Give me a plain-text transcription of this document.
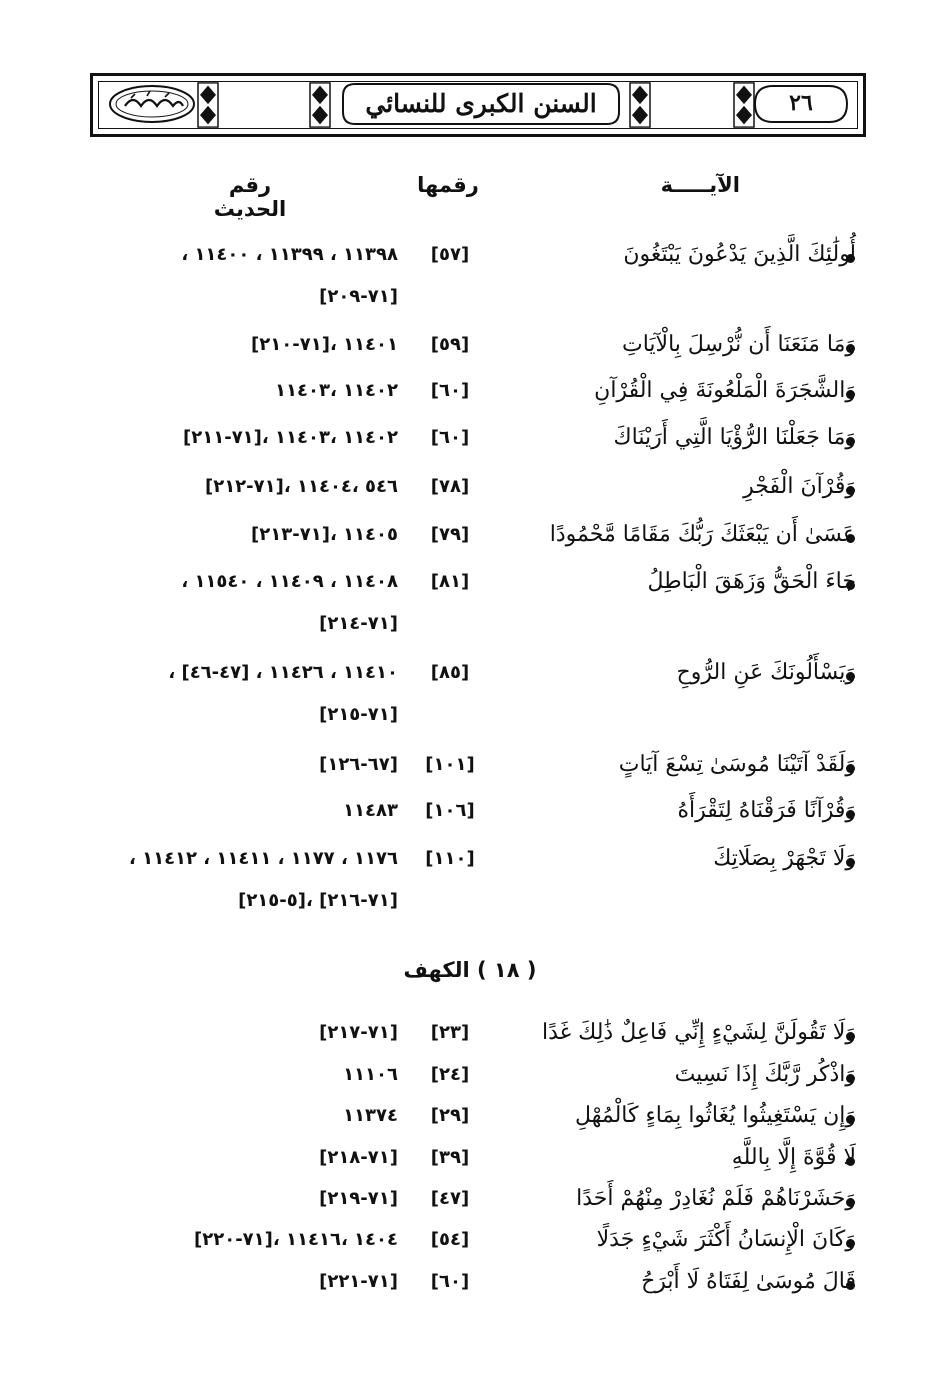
السنن الكبرى للنسائي	٢٦
الآيـــــة
رقمها
رقم الحديث
أُولَٰئِكَ الَّذِينَ يَدْعُونَ يَبْتَغُونَ
[٥٧]
١١٣٩٨ ، ١١٣٩٩ ، ١١٤٠٠ ،
[٧١-٢٠٩]
وَمَا مَنَعَنَا أَن نُّرْسِلَ بِالْآيَاتِ
[٥٩]
١١٤٠١ ،[٧١-٢١٠]
وَالشَّجَرَةَ الْمَلْعُونَةَ فِي الْقُرْآنِ
[٦٠]
١١٤٠٢ ،١١٤٠٣
وَمَا جَعَلْنَا الرُّؤْيَا الَّتِي أَرَيْنَاكَ
[٦٠]
١١٤٠٢ ،١١٤٠٣ ،[٧١-٢١١]
وَقُرْآنَ الْفَجْرِ
[٧٨]
٥٤٦ ،١١٤٠٤ ،[٧١-٢١٢]
عَسَىٰ أَن يَبْعَثَكَ رَبُّكَ مَقَامًا مَّحْمُودًا
[٧٩]
١١٤٠٥ ،[٧١-٢١٣]
جَاءَ الْحَقُّ وَزَهَقَ الْبَاطِلُ
[٨١]
١١٤٠٨ ، ١١٤٠٩ ، ١١٥٤٠ ،
[٧١-٢١٤]
وَيَسْأَلُونَكَ عَنِ الرُّوحِ
[٨٥]
١١٤١٠ ، ١١٤٢٦ ، [٤٧-٤٦] ،
[٧١-٢١٥]
وَلَقَدْ آتَيْنَا مُوسَىٰ تِسْعَ آيَاتٍ
[١٠١]
[٦٧-١٢٦]
وَقُرْآنًا فَرَقْنَاهُ لِتَقْرَأَهُ
[١٠٦]
١١٤٨٣
وَلَا تَجْهَرْ بِصَلَاتِكَ
[١١٠]
١١٧٦ ، ١١٧٧ ، ١١٤١١ ، ١١٤١٢ ،
[٧١-٢١٦] ،[٥-٢١٥]
( ١٨ ) الكهف
وَلَا تَقُولَنَّ لِشَيْءٍ إِنِّي فَاعِلٌ ذَٰلِكَ غَدًا
[٢٣]
[٧١-٢١٧]
وَاذْكُر رَّبَّكَ إِذَا نَسِيتَ
[٢٤]
١١١٠٦
وَإِن يَسْتَغِيثُوا يُغَاثُوا بِمَاءٍ كَالْمُهْلِ
[٢٩]
١١٣٧٤
لَا قُوَّةَ إِلَّا بِاللَّهِ
[٣٩]
[٧١-٢١٨]
وَحَشَرْنَاهُمْ فَلَمْ نُغَادِرْ مِنْهُمْ أَحَدًا
[٤٧]
[٧١-٢١٩]
وَكَانَ الْإِنسَانُ أَكْثَرَ شَيْءٍ جَدَلًا
[٥٤]
١٤٠٤ ،١١٤١٦ ،[٧١-٢٢٠]
قَالَ مُوسَىٰ لِفَتَاهُ لَا أَبْرَحُ
[٦٠]
[٧١-٢٢١]
